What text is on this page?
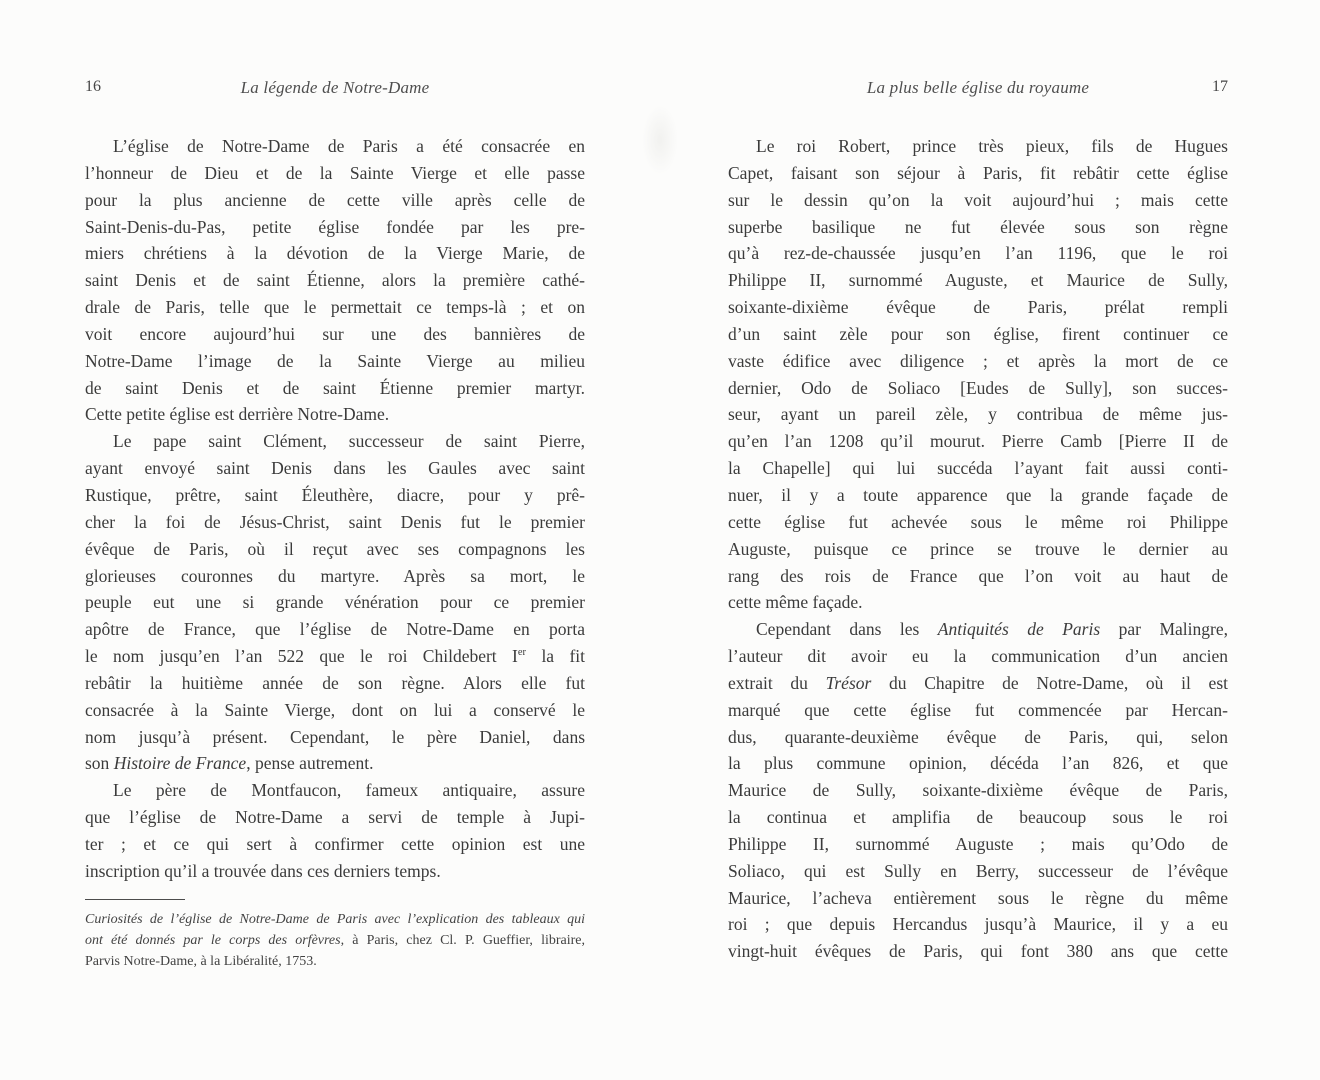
16	La légende de Notre-Dame
L’église de Notre-Dame de Paris a été consacrée en
l’honneur de Dieu et de la Sainte Vierge et elle passe
pour la plus ancienne de cette ville après celle de
Saint-Denis-du-Pas, petite église fondée par les pre-
miers chrétiens à la dévotion de la Vierge Marie, de
saint Denis et de saint Étienne, alors la première cathé-
drale de Paris, telle que le permettait ce temps-là ; et on
voit encore aujourd’hui sur une des bannières de
Notre-Dame l’image de la Sainte Vierge au milieu
de saint Denis et de saint Étienne premier martyr.
Cette petite église est derrière Notre-Dame.
Le pape saint Clément, successeur de saint Pierre,
ayant envoyé saint Denis dans les Gaules avec saint
Rustique, prêtre, saint Éleuthère, diacre, pour y prê-
cher la foi de Jésus-Christ, saint Denis fut le premier
évêque de Paris, où il reçut avec ses compagnons les
glorieuses couronnes du martyre. Après sa mort, le
peuple eut une si grande vénération pour ce premier
apôtre de France, que l’église de Notre-Dame en porta
le nom jusqu’en l’an 522 que le roi Childebert Ier la fit
rebâtir la huitième année de son règne. Alors elle fut
consacrée à la Sainte Vierge, dont on lui a conservé le
nom jusqu’à présent. Cependant, le père Daniel, dans
son Histoire de France, pense autrement.
Le père de Montfaucon, fameux antiquaire, assure
que l’église de Notre-Dame a servi de temple à Jupi-
ter ; et ce qui sert à confirmer cette opinion est une
inscription qu’il a trouvée dans ces derniers temps.
Curiosités de l’église de Notre-Dame de Paris avec l’explication des tableaux qui
ont été donnés par le corps des orfèvres, à Paris, chez Cl. P. Gueffier, libraire,
Parvis Notre-Dame, à la Libéralité, 1753.
La plus belle église du royaume	17
Le roi Robert, prince très pieux, fils de Hugues
Capet, faisant son séjour à Paris, fit rebâtir cette église
sur le dessin qu’on la voit aujourd’hui ; mais cette
superbe basilique ne fut élevée sous son règne
qu’à rez-de-chaussée jusqu’en l’an 1196, que le roi
Philippe II, surnommé Auguste, et Maurice de Sully,
soixante-dixième évêque de Paris, prélat rempli
d’un saint zèle pour son église, firent continuer ce
vaste édifice avec diligence ; et après la mort de ce
dernier, Odo de Soliaco [Eudes de Sully], son succes-
seur, ayant un pareil zèle, y contribua de même jus-
qu’en l’an 1208 qu’il mourut. Pierre Camb [Pierre II de
la Chapelle] qui lui succéda l’ayant fait aussi conti-
nuer, il y a toute apparence que la grande façade de
cette église fut achevée sous le même roi Philippe
Auguste, puisque ce prince se trouve le dernier au
rang des rois de France que l’on voit au haut de
cette même façade.
Cependant dans les Antiquités de Paris par Malingre,
l’auteur dit avoir eu la communication d’un ancien
extrait du Trésor du Chapitre de Notre-Dame, où il est
marqué que cette église fut commencée par Hercan-
dus, quarante-deuxième évêque de Paris, qui, selon
la plus commune opinion, décéda l’an 826, et que
Maurice de Sully, soixante-dixième évêque de Paris,
la continua et amplifia de beaucoup sous le roi
Philippe II, surnommé Auguste ; mais qu’Odo de
Soliaco, qui est Sully en Berry, successeur de l’évêque
Maurice, l’acheva entièrement sous le règne du même
roi ; que depuis Hercandus jusqu’à Maurice, il y a eu
vingt-huit évêques de Paris, qui font 380 ans que cette
